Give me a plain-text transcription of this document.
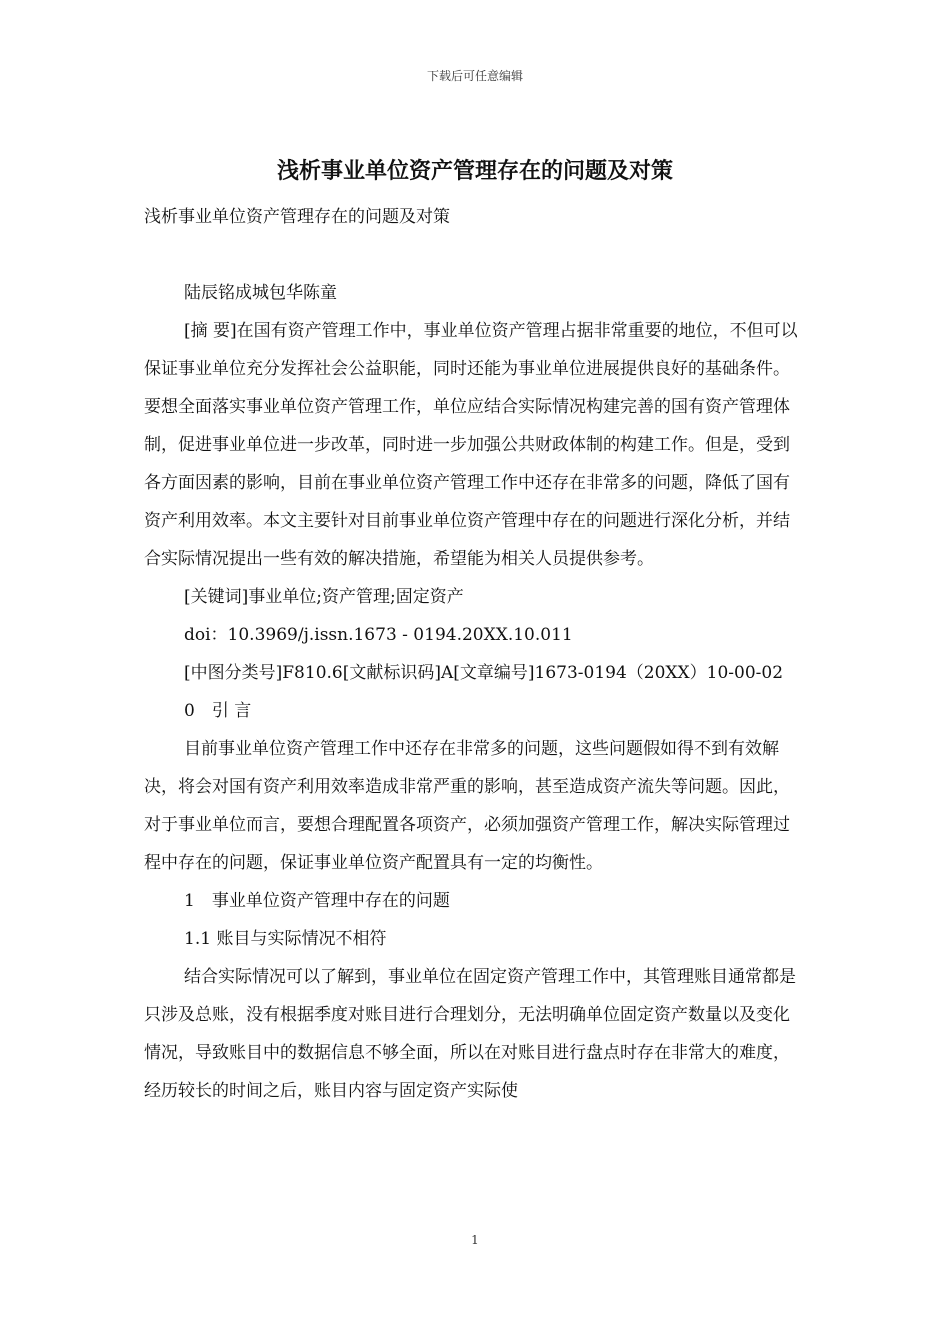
下载后可任意编辑
浅析事业单位资产管理存在的问题及对策

浅析事业单位资产管理存在的问题及对策

陆辰铭成城包华陈童

[摘 要]在国有资产管理工作中，事业单位资产管理占据非常重要的地位，不但可以保证事业单位充分发挥社会公益职能，同时还能为事业单位进展提供良好的基础条件。要想全面落实事业单位资产管理工作，单位应结合实际情况构建完善的国有资产管理体制，促进事业单位进一步改革，同时进一步加强公共财政体制的构建工作。但是，受到各方面因素的影响，目前在事业单位资产管理工作中还存在非常多的问题，降低了国有资产利用效率。本文主要针对目前事业单位资产管理中存在的问题进行深化分析，并结合实际情况提出一些有效的解决措施，希望能为相关人员提供参考。

[关键词]事业单位;资产管理;固定资产

doi：10.3969/j.issn.1673 - 0194.20XX.10.011

[中图分类号]F810.6[文献标识码]A[文章编号]1673-0194（20XX）10-00-02

0　引 言

目前事业单位资产管理工作中还存在非常多的问题，这些问题假如得不到有效解决，将会对国有资产利用效率造成非常严重的影响，甚至造成资产流失等问题。因此，对于事业单位而言，要想合理配置各项资产，必须加强资产管理工作，解决实际管理过程中存在的问题，保证事业单位资产配置具有一定的均衡性。

1　事业单位资产管理中存在的问题

1.1 账目与实际情况不相符

结合实际情况可以了解到，事业单位在固定资产管理工作中，其管理账目通常都是只涉及总账，没有根据季度对账目进行合理划分，无法明确单位固定资产数量以及变化情况，导致账目中的数据信息不够全面，所以在对账目进行盘点时存在非常大的难度，经历较长的时间之后，账目内容与固定资产实际使

1
